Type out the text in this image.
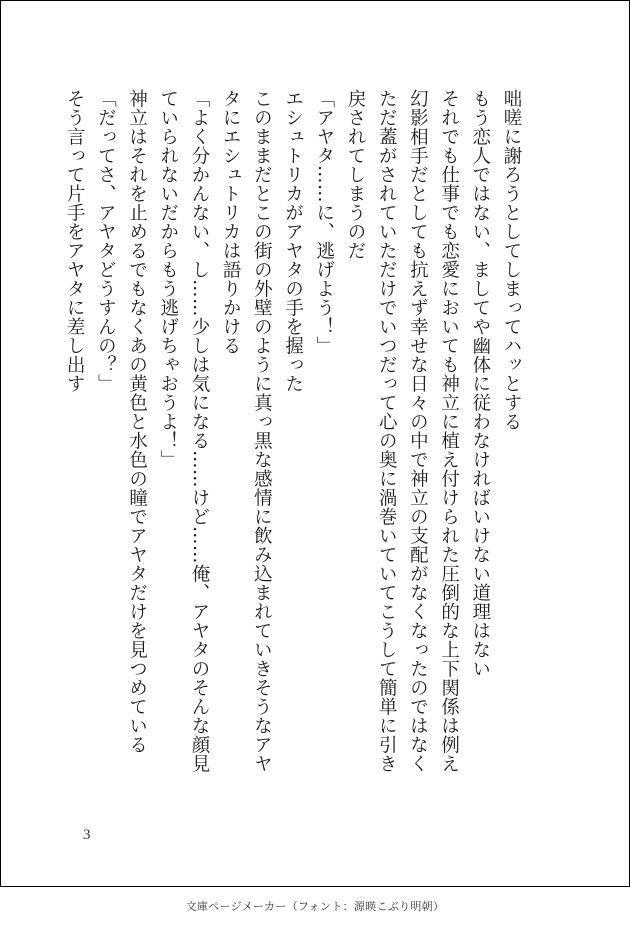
咄嗟に謝ろうとしてしまってハッとする
もう恋人ではない、ましてや幽体に従わなければいけない道理はない
それでも仕事でも恋愛においても神立に植え付けられた圧倒的な上下関係は例え
幻影相手だとしても抗えず幸せな日々の中で神立の支配がなくなったのではなく
ただ蓋がされていただけでいつだって心の奥に渦巻いていてこうして簡単に引き
戻されてしまうのだ
「アヤタ……に、逃げよう！」
エシュトリカがアヤタの手を握った
このままだとこの街の外壁のように真っ黒な感情に飲み込まれていきそうなアヤ
タにエシュトリカは語りかける
「よく分かんない、し……少しは気になる……けど……俺、アヤタのそんな顔見
ていられないだからもう逃げちゃおうよ！」
神立はそれを止めるでもなくあの黄色と水色の瞳でアヤタだけを見つめている
「だってさ、アヤタどうすんの？」
そう言って片手をアヤタに差し出す
3
文庫ページメーカー（フォント：源暎こぶり明朝）
